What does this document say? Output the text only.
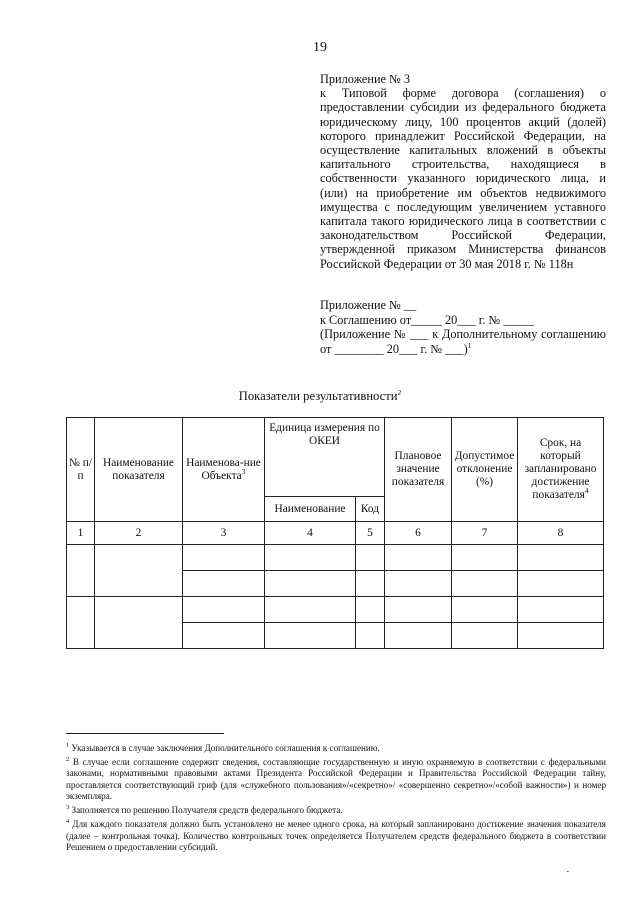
19
Приложение № 3
к Типовой форме договора (соглашения) о предоставлении субсидии из федерального бюджета юридическому лицу, 100 процентов акций (долей) которого принадлежит Российской Федерации, на осуществление капитальных вложений в объекты капитального строительства, находящиеся в собственности указанного юридического лица, и (или) на приобретение им объектов недвижимого имущества с последующим увеличением уставного капитала такого юридического лица в соответствии с законодательством Российской Федерации, утвержденной приказом Министерства финансов Российской Федерации от 30 мая 2018 г. № 118н
Приложение № __
к Соглашению от_____ 20___ г. № _____
(Приложение № ___ к Дополнительному соглашению от ________ 20___ г. № ___)$^1$
Показатели результативности$^2$
№ п/п	Наименование показателя	Наименова-ние Объекта$^3$	Единица измерения по ОКЕИ		Плановое значение показателя	Допустимое отклонение (%)	Срок, на который запланировано достижение показателя$^4$
			Наименование	Код			
1	2	3	4	5	6	7	8

$^1$ Указывается в случае заключения Дополнительного соглашения к соглашению.

$^2$ В случае если соглашение содержит сведения, составляющие государственную и иную охраняемую в соответствии с федеральными законами, нормативными правовыми актами Президента Российской Федерации и Правительства Российской Федерации тайну, проставляется соответствующий гриф (для «служебного пользования»/«секретно»/ «совершенно секретно»/«собой важности») и номер экземпляра.

$^3$ Заполняется по решению Получателя средств федерального бюджета.

$^4$ Для каждого показателя должно быть установлено не менее одного срока, на который запланировано достижение значения показателя (далее – контрольная точка). Количество контрольных точек определяется Получателем средств федерального бюджета в соответствии Решением о предоставлении субсидий.

·
